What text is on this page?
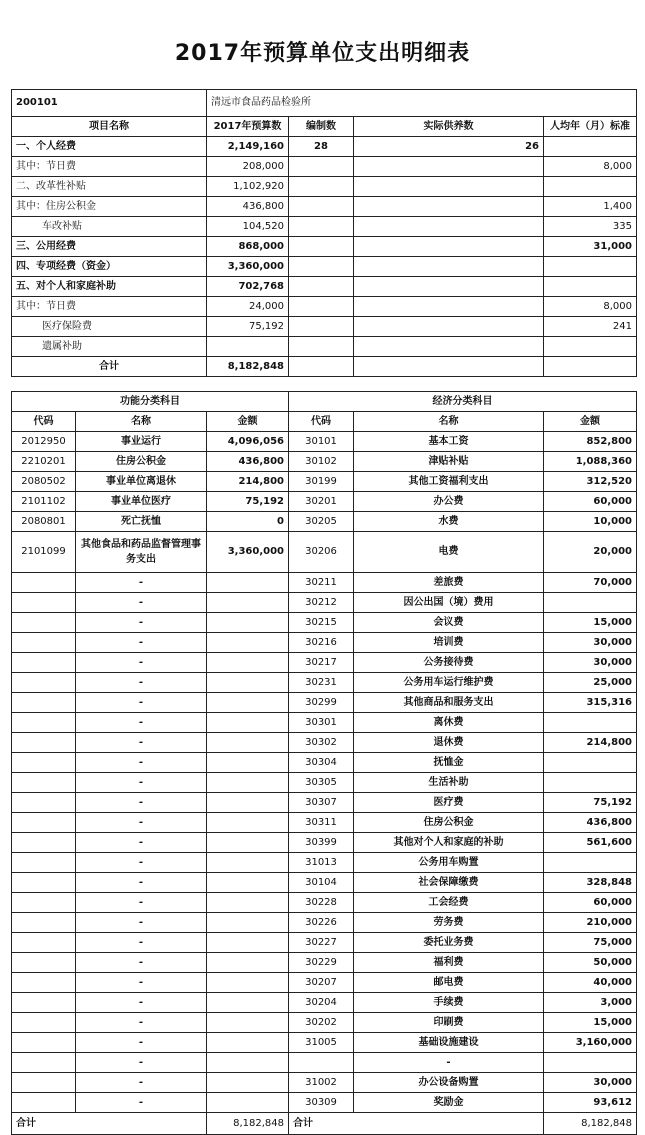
2017年预算单位支出明细表
200101	清远市食品药品检验所			
项目名称	2017年预算数	编制数	实际供养数	人均年（月）标准
一、个人经费	2,149,160	28	26	
其中：节日费	208,000			8,000
二、改革性补贴	1,102,920			
其中：住房公积金	436,800			1,400
车改补贴	104,520			335
三、公用经费	868,000			31,000
四、专项经费（资金）	3,360,000			
五、对个人和家庭补助	702,768			
其中：节日费	24,000			8,000
医疗保险费	75,192			241
遗属补助				
合计	8,182,848			
功能分类科目			经济分类科目		
代码	名称	金额	代码	名称	金额
2012950	事业运行	4,096,056	30101	基本工资	852,800
2210201	住房公积金	436,800	30102	津贴补贴	1,088,360
2080502	事业单位离退休	214,800	30199	其他工资福利支出	312,520
2101102	事业单位医疗	75,192	30201	办公费	60,000
2080801	死亡抚恤	0	30205	水费	10,000
2101099	其他食品和药品监督管理事务支出	3,360,000	30206	电费	20,000
	-		30211	差旅费	70,000
	-		30212	因公出国（境）费用	
	-		30215	会议费	15,000
	-		30216	培训费	30,000
	-		30217	公务接待费	30,000
	-		30231	公务用车运行维护费	25,000
	-		30299	其他商品和服务支出	315,316
	-		30301	离休费	
	-		30302	退休费	214,800
	-		30304	抚恤金	
	-		30305	生活补助	
	-		30307	医疗费	75,192
	-		30311	住房公积金	436,800
	-		30399	其他对个人和家庭的补助	561,600
	-		31013	公务用车购置	
	-		30104	社会保障缴费	328,848
	-		30228	工会经费	60,000
	-		30226	劳务费	210,000
	-		30227	委托业务费	75,000
	-		30229	福利费	50,000
	-		30207	邮电费	40,000
	-		30204	手续费	3,000
	-		30202	印刷费	15,000
	-		31005	基础设施建设	3,160,000
	-			-	
	-		31002	办公设备购置	30,000
	-		30309	奖励金	93,612
合计		8,182,848	合计		8,182,848
